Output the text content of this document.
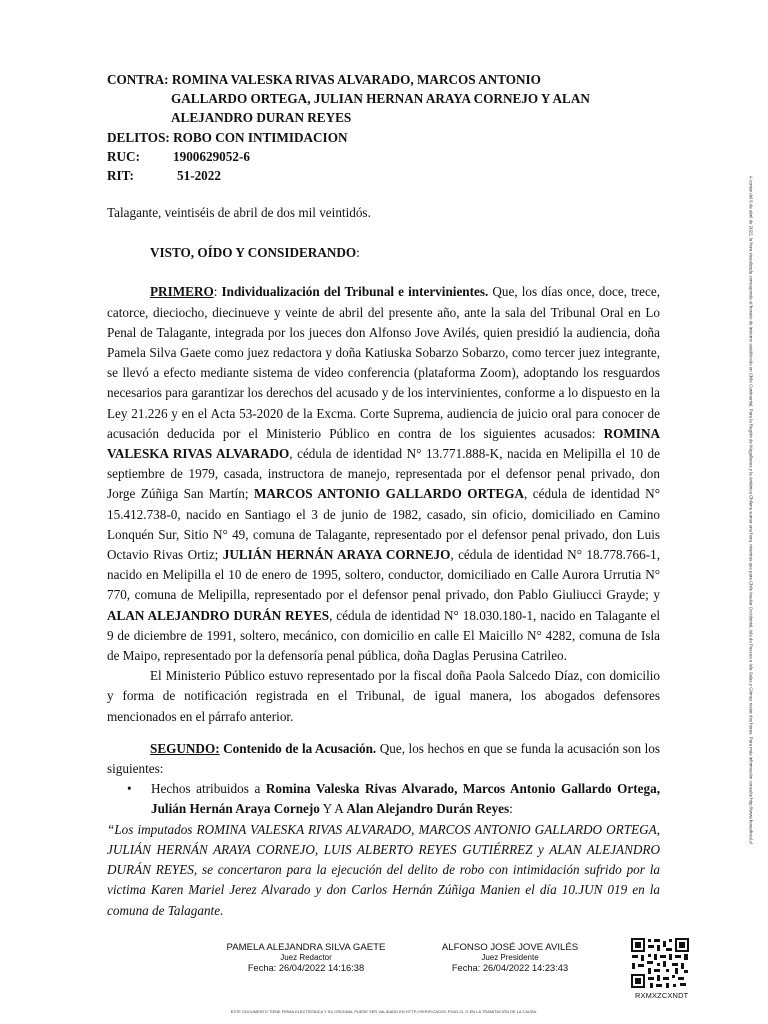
CONTRA: ROMINA VALESKA RIVAS ALVARADO, MARCOS ANTONIO
GALLARDO ORTEGA, JULIAN HERNAN ARAYA CORNEJO Y ALAN
ALEJANDRO DURAN REYES
DELITOS: ROBO CON INTIMIDACION
RUC:	1900629052-6
RIT:	51-2022

Talagante, veintiséis de abril de dos mil veintidós.

VISTO, OÍDO Y CONSIDERANDO:

PRIMERO: Individualización del Tribunal e intervinientes. Que, los días once, doce, trece, catorce, dieciocho, diecinueve y veinte de abril del presente año, ante la sala del Tribunal Oral en Lo Penal de Talagante, integrada por los jueces don Alfonso Jove Avilés, quien presidió la audiencia, doña Pamela Silva Gaete como juez redactora y doña Katiuska Sobarzo Sobarzo, como tercer juez integrante, se llevó a efecto mediante sistema de video conferencia (plataforma Zoom), adoptando los resguardos necesarios para garantizar los derechos del acusado y de los intervinientes, conforme a lo dispuesto en la Ley 21.226 y en el Acta 53-2020 de la Excma. Corte Suprema, audiencia de juicio oral para conocer de acusación deducida por el Ministerio Público en contra de los siguientes acusados: ROMINA VALESKA RIVAS ALVARADO, cédula de identidad N° 13.771.888-K, nacida en Melipilla el 10 de septiembre de 1979, casada, instructora de manejo, representada por el defensor penal privado, don Jorge Zúñiga San Martín; MARCOS ANTONIO GALLARDO ORTEGA, cédula de identidad N° 15.412.738-0, nacido en Santiago el 3 de junio de 1982, casado, sin oficio, domiciliado en Camino Lonquén Sur, Sitio N° 49, comuna de Talagante, representado por el defensor penal privado, don Luis Octavio Rivas Ortiz; JULIÁN HERNÁN ARAYA CORNEJO, cédula de identidad N° 18.778.766-1, nacido en Melipilla el 10 de enero de 1995, soltero, conductor, domiciliado en Calle Aurora Urrutia N° 770, comuna de Melipilla, representado por el defensor penal privado, don Pablo Giuliucci Grayde; y ALAN ALEJANDRO DURÁN REYES, cédula de identidad N° 18.030.180-1, nacido en Talagante el 9 de diciembre de 1991, soltero, mecánico, con domicilio en calle El Maicillo N° 4282, comuna de Isla de Maipo, representado por la defensoría penal pública, doña Daglas Perusina Catrileo.

El Ministerio Público estuvo representado por la fiscal doña Paola Salcedo Díaz, con domicilio y forma de notificación registrada en el Tribunal, de igual manera, los abogados defensores mencionados en el párrafo anterior.

SEGUNDO: Contenido de la Acusación. Que, los hechos en que se funda la acusación son los siguientes:

• Hechos atribuidos a Romina Valeska Rivas Alvarado, Marcos Antonio Gallardo Ortega, Julián Hernán Araya Cornejo Y A Alan Alejandro Durán Reyes:

“Los imputados ROMINA VALESKA RIVAS ALVARADO, MARCOS ANTONIO GALLARDO ORTEGA, JULIÁN HERNÁN ARAYA CORNEJO, LUIS ALBERTO REYES GUTIÉRREZ y ALAN ALEJANDRO DURÁN REYES, se concertaron para la ejecución del delito de robo con intimidación sufrido por la victima Karen Mariel Jerez Alvarado y don Carlos Hernán Zúñiga Manien el día 10.JUN 019 en la comuna de Talagante.

A contar del 5 de abril de 2022, la hora visualizada corresponde al horario de invierno establecido en Chile Continental. Para la Región de Magallanes y la Antártica Chilena sumar una hora, mientras que para Chile Insular Occidental, Isla de Pascua e Isla Salas y Gómez restar dos horas. Para más información consulte http://www.horaoficial.cl
PAMELA ALEJANDRA SILVA GAETE
Juez Redactor
Fecha: 26/04/2022 14:16:38
ALFONSO JOSÉ JOVE AVILÉS
Juez Presidente
Fecha: 26/04/2022 14:23:43
RXMXZCXNDT
ESTE DOCUMENTO TIENE FIRMA ELECTRÓNICA Y SU ORIGINAL PUEDE SER VALIDADO EN HTTP://VERIFICADOC.PJUD.CL O EN LA TRAMITACIÓN DE LA CAUSA.
